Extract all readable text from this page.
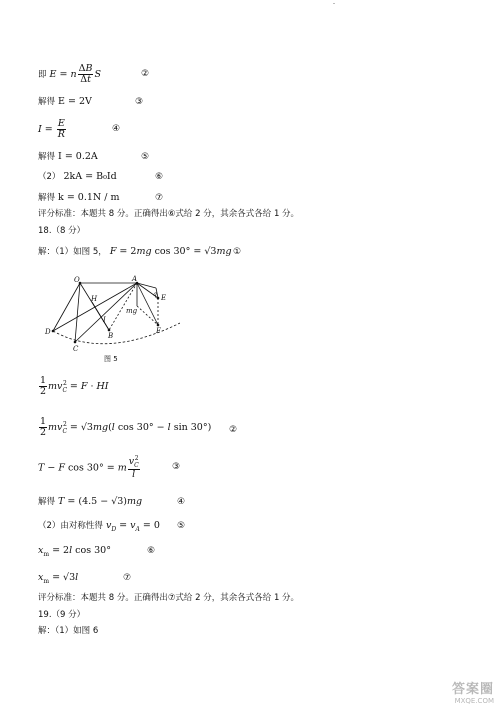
即 E = n $\frac{\Delta B}{\Delta t}$ S	②
解得 E = 2V	③
$I = \frac{E}{R}$	④
解得 I = 0.2A	⑤
（2） 2kA = B₀Id	⑥
解得 k = 0.1N / m	⑦
评分标准：本题共 8 分。正确得出⑥式给 2 分，其余各式各给 1 分。
18.（8 分）
解：（1）如图 5， F = 2mg cos 30° = √3mg ①
O	A
H
I
D
C
B
E
F
mg
q
图 5
$\frac{1}{2} mv_C^2 = F$ · HI
$\frac{1}{2} mv_C^2 = √3mg(l$ cos 30° − l sin 30°) ②
T − F cos 30° = m $\frac{v_C^2}{l}$	③
解得 T = (4.5 − √3)mg	④
（2）由对称性得 $v_D = v_A = 0$ ⑤
$x_m = 2l$ cos 30°	⑥
$x_m = √3l$	⑦
评分标准：本题共 8 分。正确得出⑦式给 2 分，其余各式各给 1 分。
19.（9 分）
解：（1）如图 6
答案圈
MXQE.COM
